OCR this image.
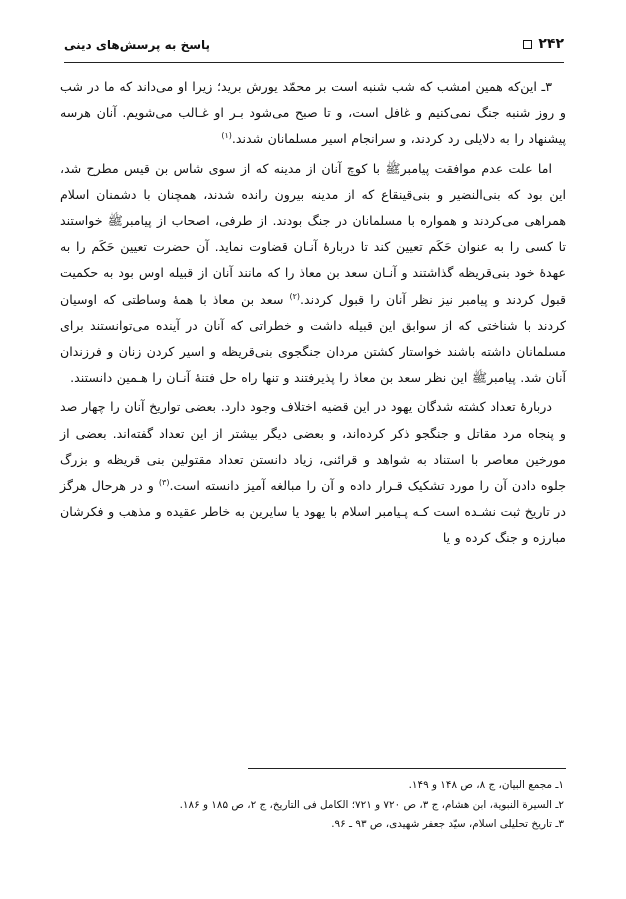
۲۴۲
پاسخ به پرسش‌های دینی

۳ـ این‌که همین امشب که شب شنبه است بر محمّد یورش برید؛ زیرا او می‌داند که ما در شب و روز شنبه جنگ نمی‌کنیم و غافل است، و تا صبح می‌شود بـر او غـالب می‌شویم. آنان هرسه پیشنهاد را به دلایلی رد کردند، و سرانجام اسیر مسلمانان شدند.$^{(۱)}$

اما علت عدم موافقت پیامبرﷺ با کوچ آنان از مدینه که از سوی شاس بن قیس مطرح شد، این بود که بنی‌النضیر و بنی‌قینقاع که از مدینه بیرون رانده شدند، همچنان با دشمنان اسلام همراهی می‌کردند و همواره با مسلمانان در جنگ بودند. از طرفی، اصحاب از پیامبرﷺ خواستند تا کسی را به عنوان حَکَم تعیین کند تا دربارهٔ آنـان قضاوت نماید. آن حضرت تعیین حَکَم را به عهدهٔ خود بنی‌قریظه گذاشتند و آنـان سعد بن معاذ را که مانند آنان از قبیله اوس بود به حکمیت قبول کردند و پیامبر نیز نظر آنان را قبول کردند.$^{(۲)}$ سعد بن معاذ با همهٔ وساطتی که اوسیان کردند با شناختی که از سوابق این قبیله داشت و خطراتی که آنان در آینده می‌توانستند برای مسلمانان داشته باشند خواستار کشتن مردان جنگجوی بنی‌قریظه و اسیر کردن زنان و فرزندان آنان شد. پیامبرﷺ این نظر سعد بن معاذ را پذیرفتند و تنها راه حل فتنهٔ آنـان را هـمین دانستند.

دربارهٔ تعداد کشته شدگان یهود در این قضیه اختلاف وجود دارد. بعضی تواریخ آنان را چهار صد و پنجاه مرد مقاتل و جنگجو ذکر کرده‌اند، و بعضی دیگر بیشتر از این تعداد گفته‌اند. بعضی از مورخین معاصر با استناد به شواهد و قرائنی، زیاد دانستن تعداد مقتولین بنی قریظه و بزرگ جلوه دادن آن را مورد تشکیک قـرار داده و آن را مبالغه آمیز دانسته است.$^{(۳)}$ و در هرحال هرگز در تاریخ ثبت نشـده است کـه پـیامبر اسلام با یهود یا سایرین به خاطر عقیده و مذهب و فکرشان مبارزه و جنگ کرده و یا

۱ـ مجمع البیان، ج ۸، ص ۱۴۸ و ۱۴۹.

۲ـ السیرة النبویة، ابن هشام، ج ۳، ص ۷۲۰ و ۷۲۱؛ الکامل فی التاریخ، ج ۲، ص ۱۸۵ و ۱۸۶.

۳ـ تاریخ تحلیلی اسلام، سیّد جعفر شهیدی، ص ۹۳ ـ ۹۶.
